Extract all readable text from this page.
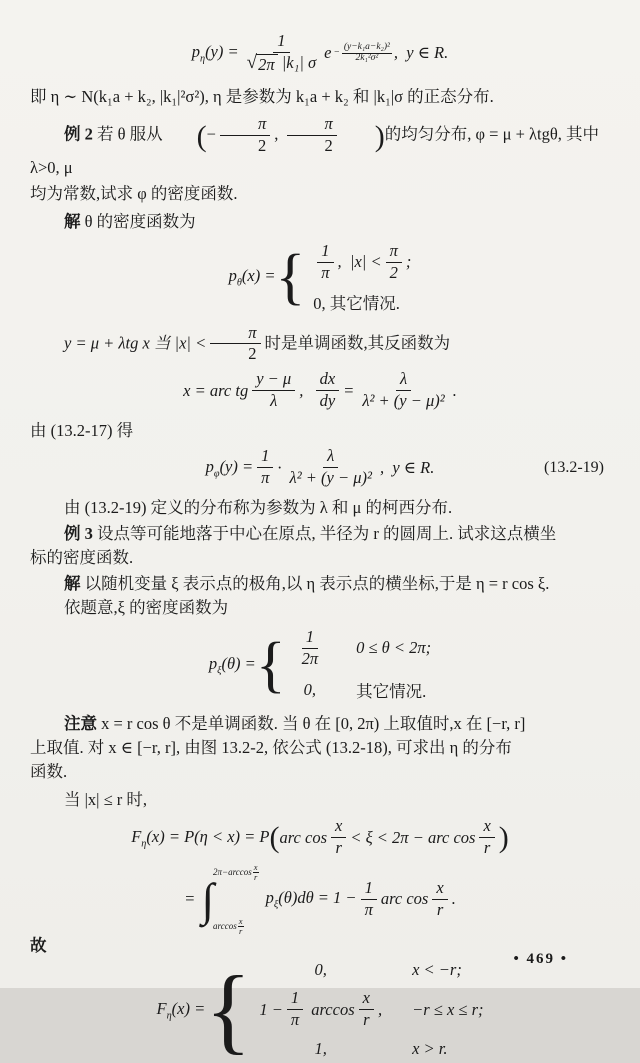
$p_\eta(y) = \frac{1}{\text{√ 2π |k₁| σ}}$ $e - \frac{\text{(y−k₁a−k₂)²}}{\text{2k₁²σ²}}$ ,  y ∈ R.

即 η ∼ N(k₁a + k₂, |k₁|²σ²), η 是参数为 k₁a + k₂ 和 |k₁|σ 的正态分布.

例 2 若 θ 服从 (− $\frac{\pi}{2}$ , $\frac{\pi}{2}$ )的均匀分布, φ = μ + λtgθ, 其中 λ>0, μ

均为常数,试求 φ 的密度函数.

解 θ 的密度函数为

$p_\theta(x)$ = { $\frac{1}{\pi}$ ,  $|x| < \frac{\pi}{2}$ ;
0, 其它情况.

y = μ + λtg x 当 $|x| < \frac{\pi}{2}$ 时是单调函数,其反函数为

x = arc tg $\frac{y - \mu}{\lambda}$ , $\frac{dx}{dy} = \frac{\lambda}{\text{λ² + (y − μ)²}}$ .

由 (13.2-17) 得

$p_\varphi(y) = \frac{1}{\pi} \cdot \frac{\lambda}{\text{λ² + (y − μ)²}}$ ,  y ∈ R.	(13.2-19)

由 (13.2-19) 定义的分布称为参数为 λ 和 μ 的柯西分布.

例 3 设点等可能地落于中心在原点, 半径为 r 的圆周上. 试求这点横坐

标的密度函数.

解 以随机变量 ξ 表示点的极角,以 η 表示点的横坐标,于是 η = r cos ξ.

依题意,ξ 的密度函数为

$p_\xi(\theta)$ = { $\frac{1}{2\pi} 0 \le \theta < 2\pi$;
0,	其它情况.

注意 x = r cos θ 不是单调函数. 当 θ 在 [0, 2π) 上取值时,x 在 [−r, r]

上取值. 对 x ∈ [−r, r], 由图 13.2-2, 依公式 (13.2-18), 可求出 η 的分布

函数.

当 |x| ≤ r 时,

$F_\eta(x) = P(\eta < x) = P$ ( arc $\cos \frac{x}{r} < \xi < 2\pi$ − arc $\cos \frac{x}{r}$ )
= ∫
$2\pi-\arccos \frac{x}{r}$
$\arccos \frac{x}{r}$
$p_\xi(\theta)d\theta = 1 - \frac{1}{\pi}$ arc $\cos \frac{x}{r}$ .

故

$F_\eta(x)$ = {	0,	x < −r;
$1 - \frac{1}{\pi}$ $\arccos \frac{x}{r}$ , −r ≤ x ≤ r;
1,	x > r.
• 469 •
